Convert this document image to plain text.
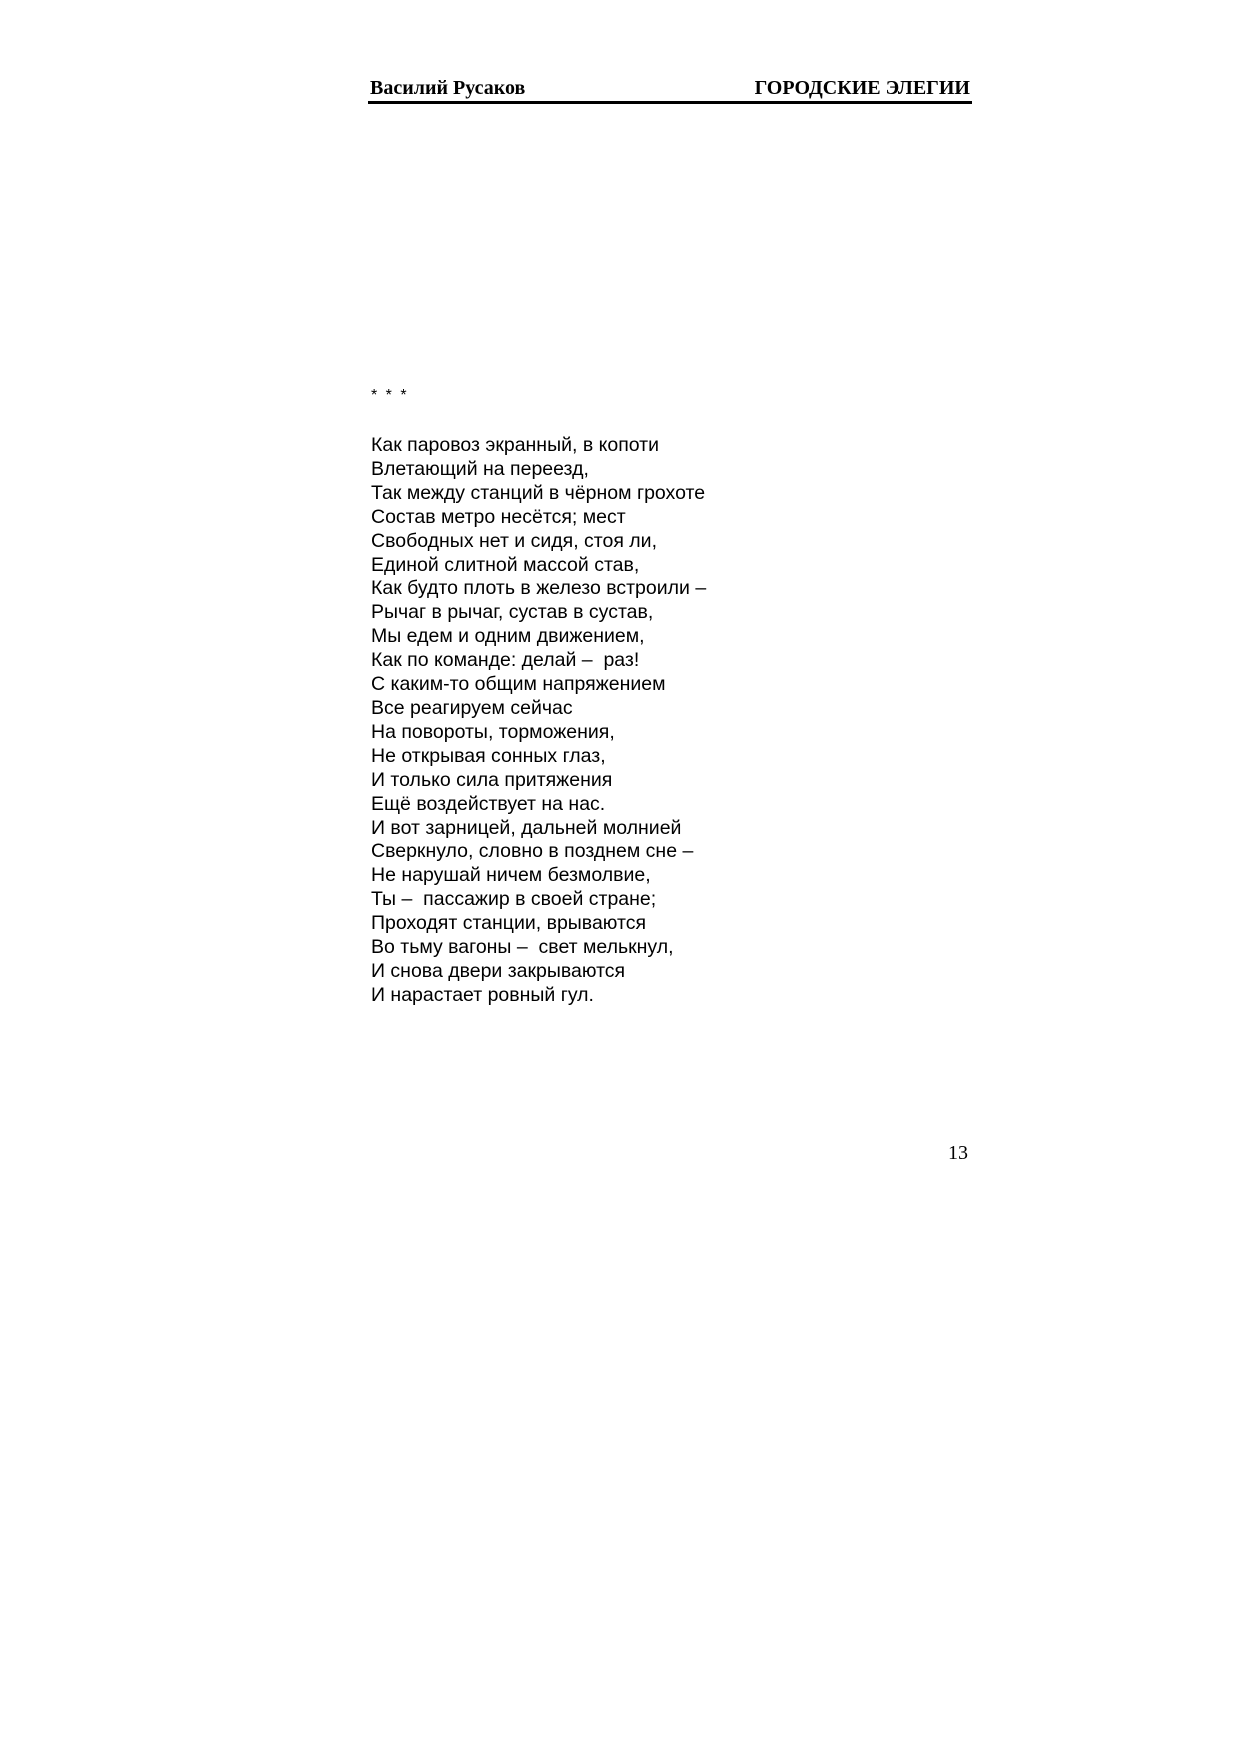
Василий Русаков	ГОРОДСКИЕ ЭЛЕГИИ
* * *
Как паровоз экранный, в копоти
Влетающий на переезд,
Так между станций в чёрном грохоте
Состав метро несётся; мест
Свободных нет и сидя, стоя ли,
Единой слитной массой став,
Как будто плоть в железо встроили –
Рычаг в рычаг, сустав в сустав,
Мы едем и одним движением,
Как по команде: делай –  раз!
С каким-то общим напряжением
Все реагируем сейчас
На повороты, торможения,
Не открывая сонных глаз,
И только сила притяжения
Ещё воздействует на нас.
И вот зарницей, дальней молнией
Сверкнуло, словно в позднем сне –
Не нарушай ничем безмолвие,
Ты –  пассажир в своей стране;
Проходят станции, врываются
Во тьму вагоны –  свет мелькнул,
И снова двери закрываются
И нарастает ровный гул.
13
